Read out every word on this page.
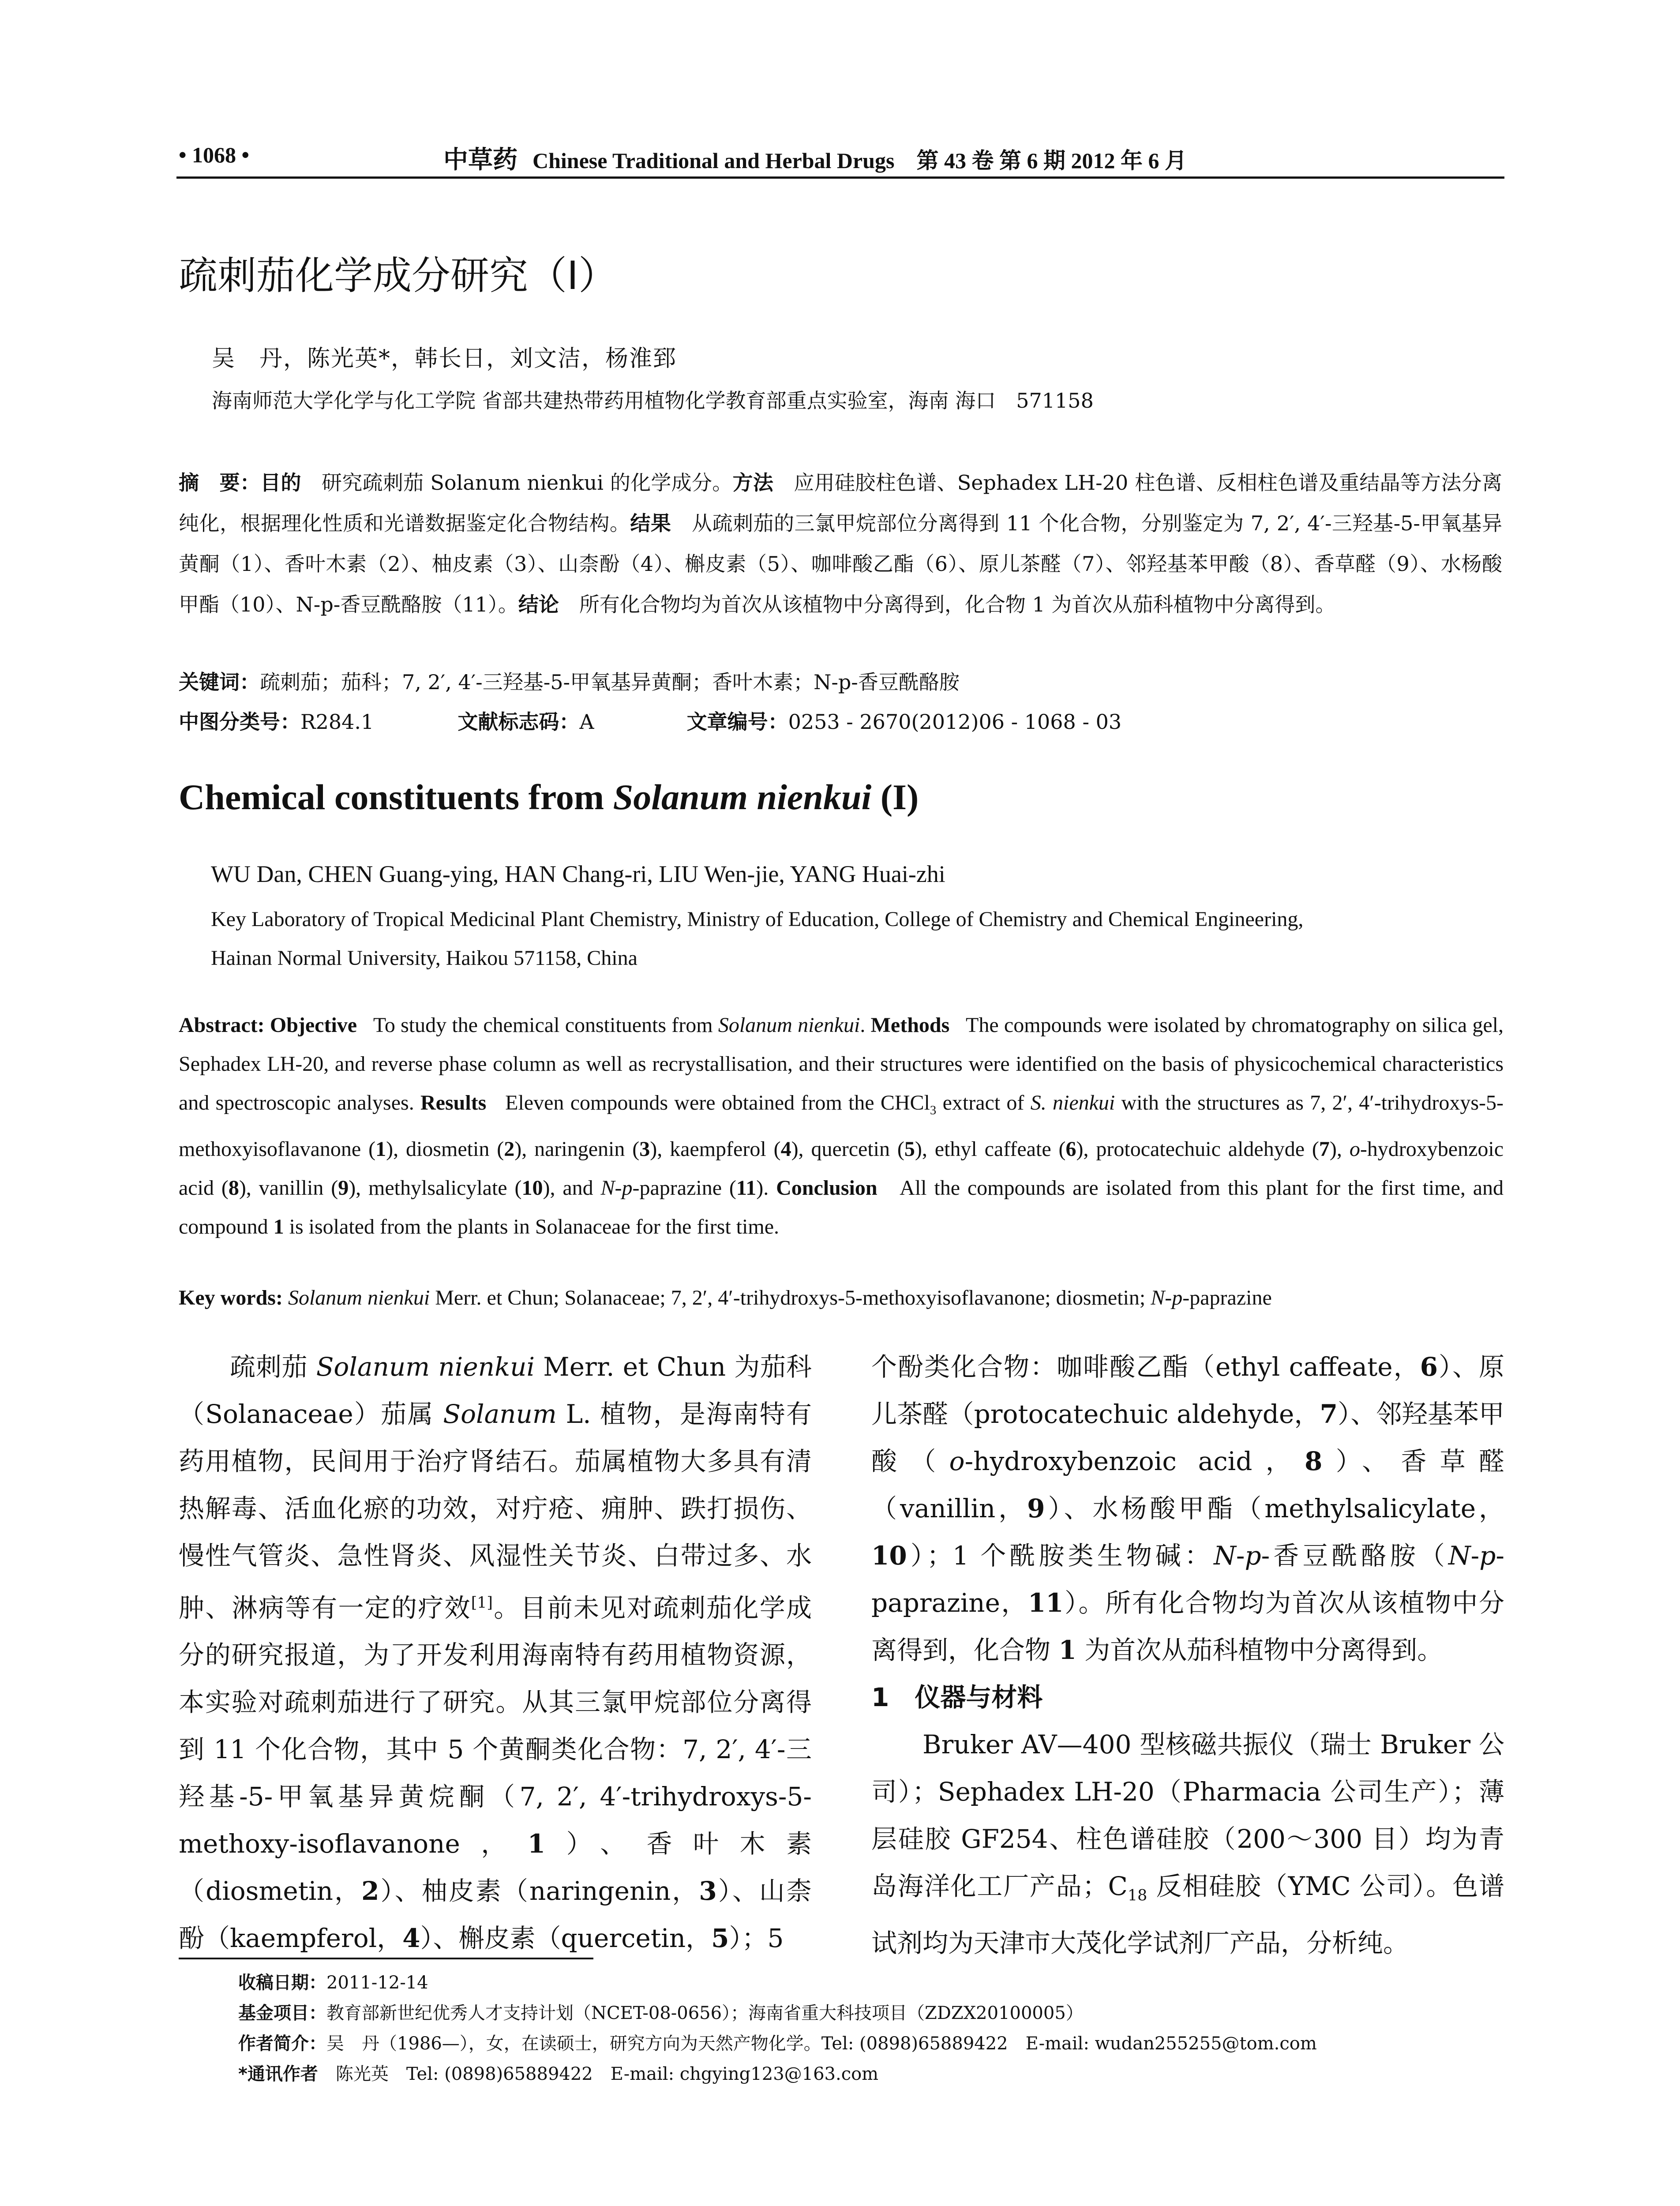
• 1068 •	中草药 Chinese Traditional and Herbal Drugs　 第 43 卷 第 6 期 2012 年 6 月
疏刺茄化学成分研究（I）
吴　丹，陈光英*，韩长日，刘文洁，杨淮郅
海南师范大学化学与化工学院 省部共建热带药用植物化学教育部重点实验室，海南 海口　571158
摘　要：目的　 研究疏刺茄 Solanum nienkui 的化学成分。方法　 应用硅胶柱色谱、Sephadex LH-20 柱色谱、反相柱色谱及重结晶等方法分离纯化，根据理化性质和光谱数据鉴定化合物结构。结果　 从疏刺茄的三氯甲烷部位分离得到 11 个化合物，分别鉴定为 7, 2′, 4′-三羟基-5-甲氧基异黄酮（1）、香叶木素（2）、柚皮素（3）、山柰酚（4）、槲皮素（5）、咖啡酸乙酯（6）、原儿茶醛（7）、邻羟基苯甲酸（8）、香草醛（9）、水杨酸甲酯（10）、N-p-香豆酰酪胺（11）。结论　 所有化合物均为首次从该植物中分离得到，化合物 1 为首次从茄科植物中分离得到。
关键词：疏刺茄；茄科；7, 2′, 4′-三羟基-5-甲氧基异黄酮；香叶木素；N-p-香豆酰酪胺
中图分类号：R284.1	文献标志码：A	文章编号：0253 - 2670(2012)06 - 1068 - 03
Chemical constituents from Solanum nienkui (I)
WU Dan, CHEN Guang-ying, HAN Chang-ri, LIU Wen-jie, YANG Huai-zhi
Key Laboratory of Tropical Medicinal Plant Chemistry, Ministry of Education, College of Chemistry and Chemical Engineering,
Hainan Normal University, Haikou 571158, China
Abstract: Objective   To study the chemical constituents from Solanum nienkui. Methods   The compounds were isolated by chromatography on silica gel, Sephadex LH-20, and reverse phase column as well as recrystallisation, and their structures were identified on the basis of physicochemical characteristics and spectroscopic analyses. Results   Eleven compounds were obtained from the CHCl$_3$ extract of S. nienkui with the structures as 7, 2′, 4′-trihydroxys-5-methoxyisoflavanone (1), diosmetin (2), naringenin (3), kaempferol (4), quercetin (5), ethyl caffeate (6), protocatechuic aldehyde (7), o-hydroxybenzoic acid (8), vanillin (9), methylsalicylate (10), and N-p-paprazine (11). Conclusion   All the compounds are isolated from this plant for the first time, and compound 1 is isolated from the plants in Solanaceae for the first time.
Key words: Solanum nienkui Merr. et Chun; Solanaceae; 7, 2′, 4′-trihydroxys-5-methoxyisoflavanone; diosmetin; N-p-paprazine

疏刺茄 Solanum nienkui Merr. et Chun 为茄科（Solanaceae）茄属 Solanum L. 植物，是海南特有药用植物，民间用于治疗肾结石。茄属植物大多具有清热解毒、活血化瘀的功效，对疔疮、痈肿、跌打损伤、慢性气管炎、急性肾炎、风湿性关节炎、白带过多、水肿、淋病等有一定的疗效[1]。目前未见对疏刺茄化学成分的研究报道，为了开发利用海南特有药用植物资源，本实验对疏刺茄进行了研究。从其三氯甲烷部位分离得到 11 个化合物，其中 5 个黄酮类化合物：7, 2′, 4′-三羟基-5-甲氧基异黄烷酮（7, 2′, 4′-trihydroxys-5-methoxy-isoflavanone，1）、香叶木素（diosmetin，2）、柚皮素（naringenin，3）、山柰酚（kaempferol，4）、槲皮素（quercetin，5）；5

个酚类化合物：咖啡酸乙酯（ethyl caffeate，6）、原儿茶醛（protocatechuic aldehyde，7）、邻羟基苯甲酸（o-hydroxybenzoic acid，8）、香草醛（vanillin，9）、水杨酸甲酯（methylsalicylate，10）；1 个酰胺类生物碱：N-p-香豆酰酪胺（N-p-paprazine，11）。所有化合物均为首次从该植物中分离得到，化合物 1 为首次从茄科植物中分离得到。

1　仪器与材料

Bruker AV—400 型核磁共振仪（瑞士 Bruker 公司）；Sephadex LH-20（Pharmacia 公司生产）；薄层硅胶 GF254、柱色谱硅胶（200～300 目）均为青岛海洋化工厂产品；$C_{18}$ 反相硅胶（YMC 公司）。色谱试剂均为天津市大茂化学试剂厂产品，分析纯。

收稿日期：2011-12-14
基金项目：教育部新世纪优秀人才支持计划（NCET-08-0656）；海南省重大科技项目（ZDZX20100005）
作者简介：吴　丹（1986—），女，在读硕士，研究方向为天然产物化学。Tel: (0898)65889422　E-mail: wudan255255@tom.com
*通讯作者　 陈光英　Tel: (0898)65889422　E-mail: chgying123@163.com
